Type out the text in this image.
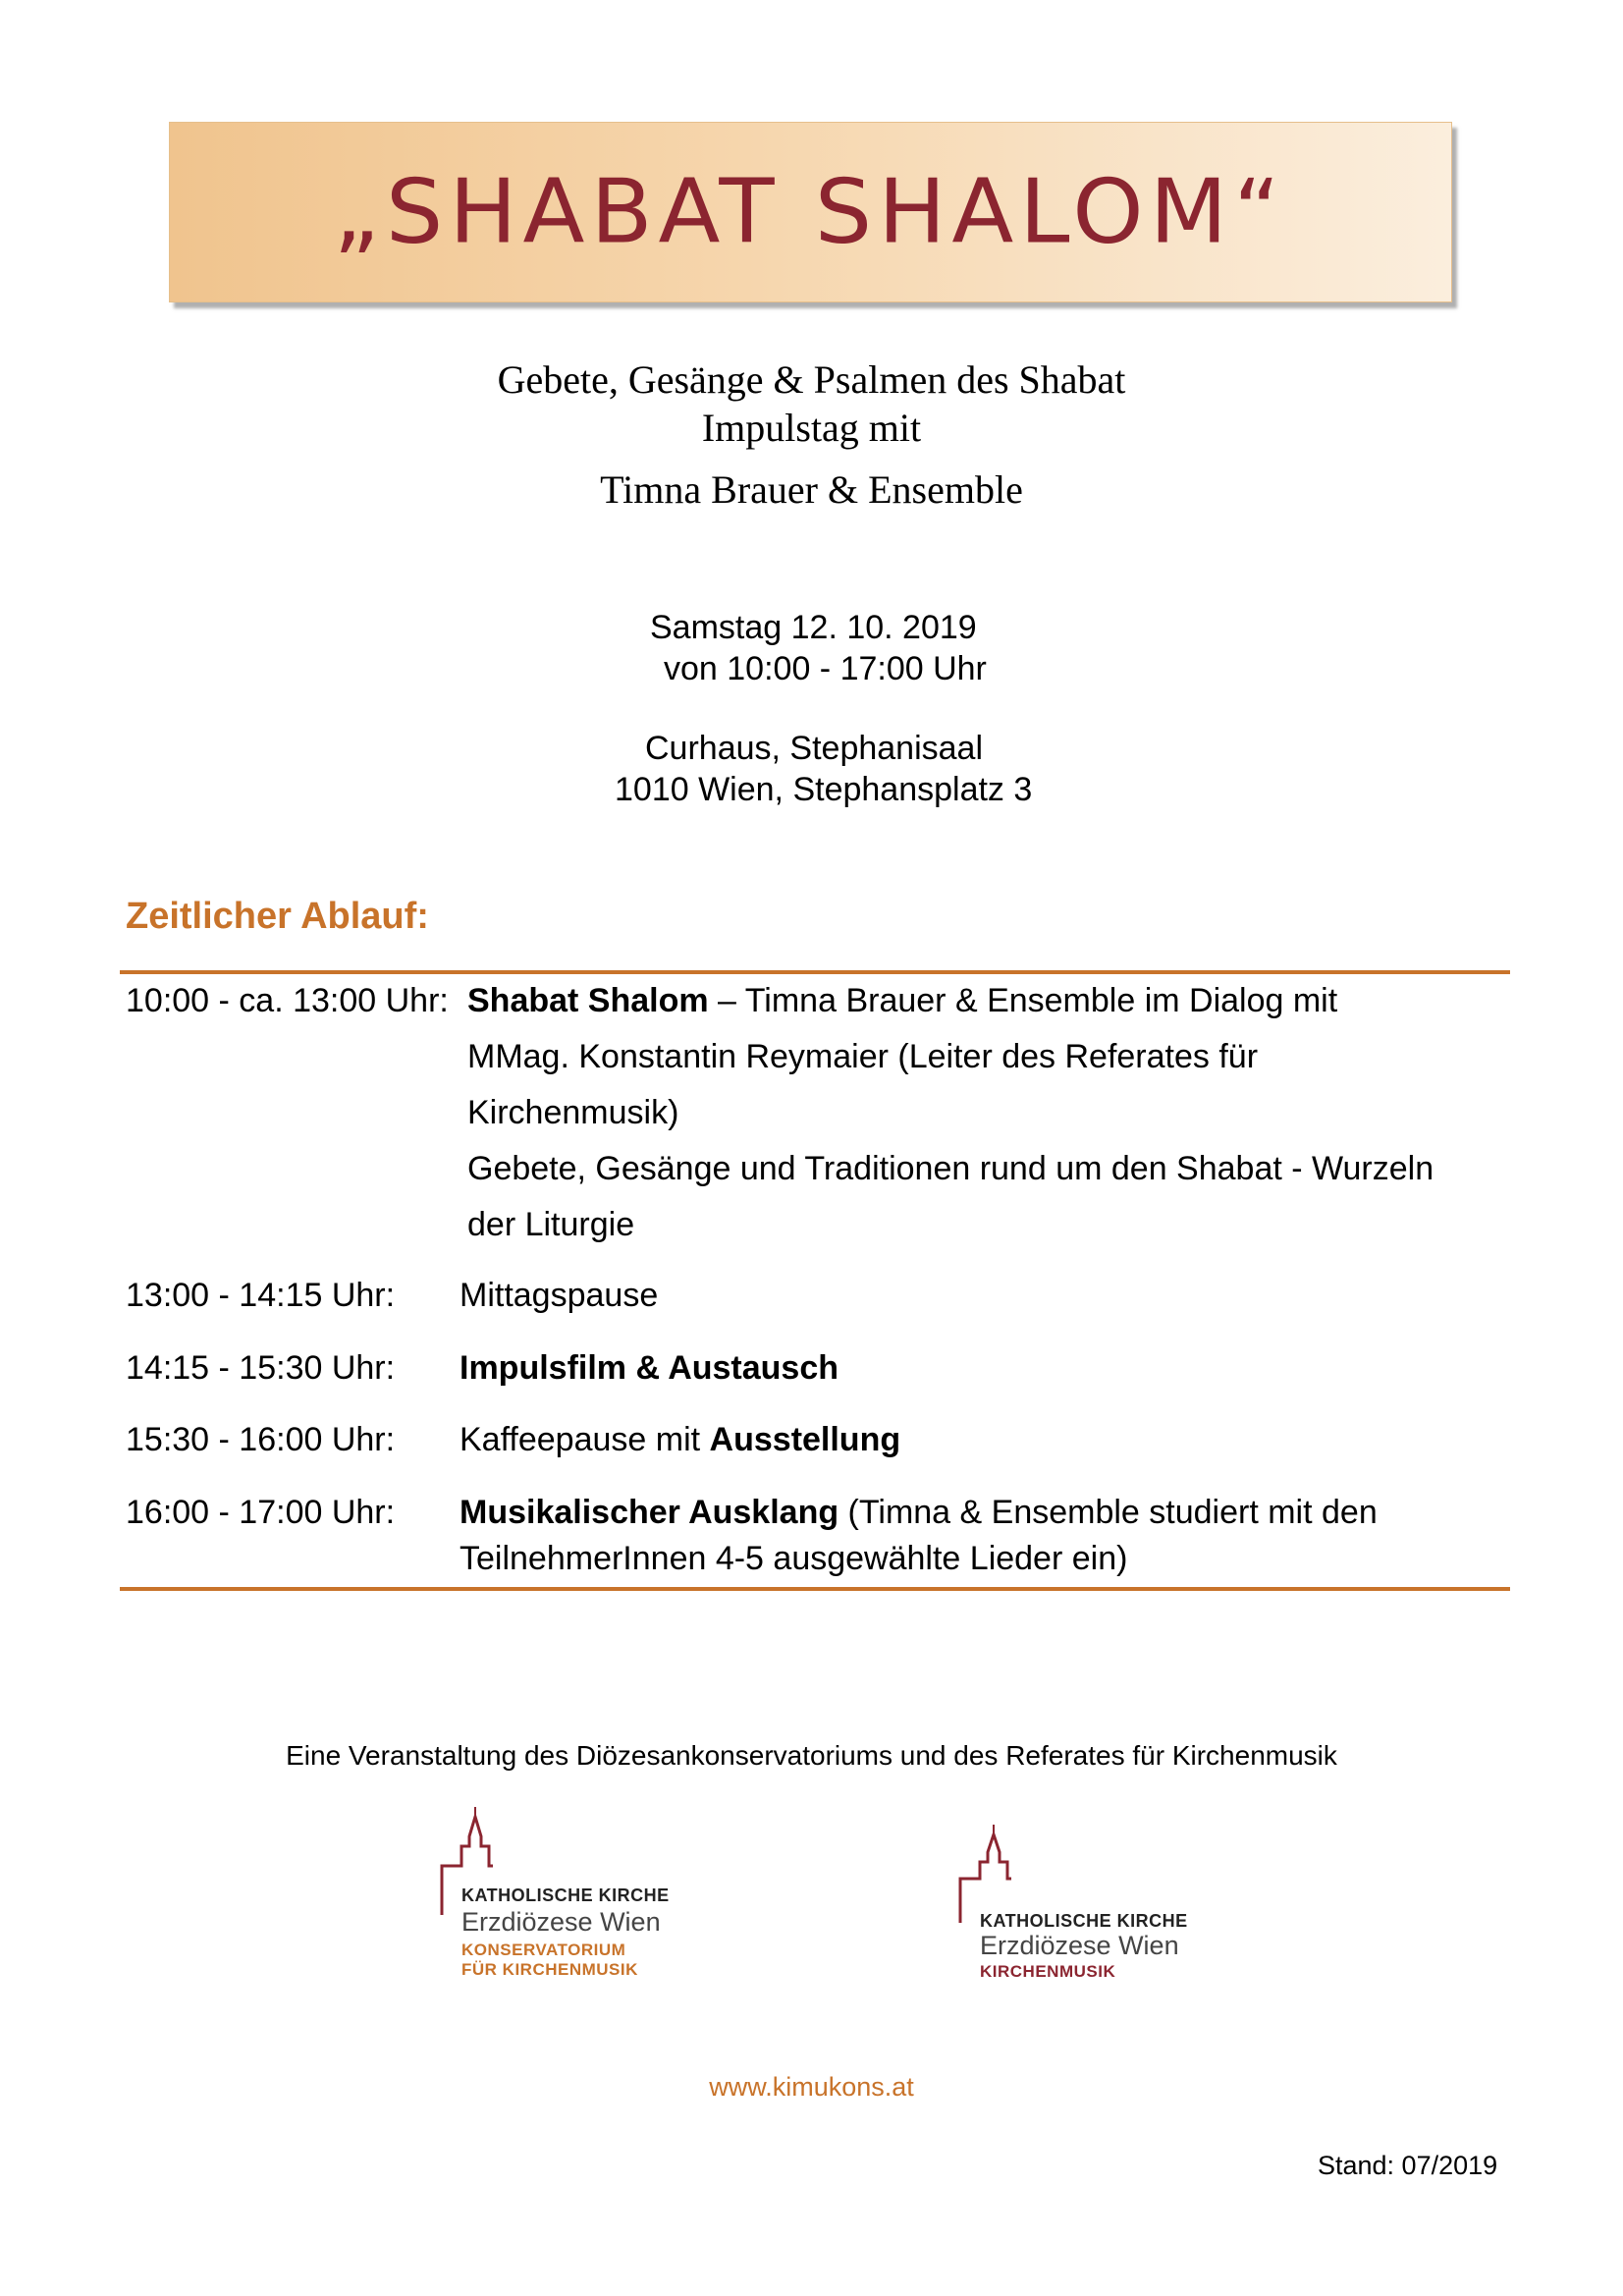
„SHABAT SHALOM“
Gebete, Gesänge & Psalmen des Shabat
Impulstag mit
Timna Brauer & Ensemble
Samstag 12. 10. 2019
von 10:00 - 17:00 Uhr
Curhaus, Stephanisaal
1010 Wien, Stephansplatz 3
Zeitlicher Ablauf:
10:00 - ca. 13:00 Uhr: Shabat Shalom – Timna Brauer & Ensemble im Dialog mit
MMag. Konstantin Reymaier (Leiter des Referates für
Kirchenmusik)
Gebete, Gesänge und Traditionen rund um den Shabat - Wurzeln
der Liturgie
13:00 - 14:15 Uhr: Mittagspause
14:15 - 15:30 Uhr: Impulsfilm & Austausch
15:30 - 16:00 Uhr: Kaffeepause mit Ausstellung
16:00 - 17:00 Uhr: Musikalischer Ausklang (Timna & Ensemble studiert mit den
TeilnehmerInnen 4-5 ausgewählte Lieder ein)
Eine Veranstaltung des Diözesankonservatoriums und des Referates für Kirchenmusik
KATHOLISCHE KIRCHE
Erzdiözese Wien
KONSERVATORIUM
FÜR KIRCHENMUSIK
KATHOLISCHE KIRCHE
Erzdiözese Wien
KIRCHENMUSIK
www.kimukons.at
Stand: 07/2019
